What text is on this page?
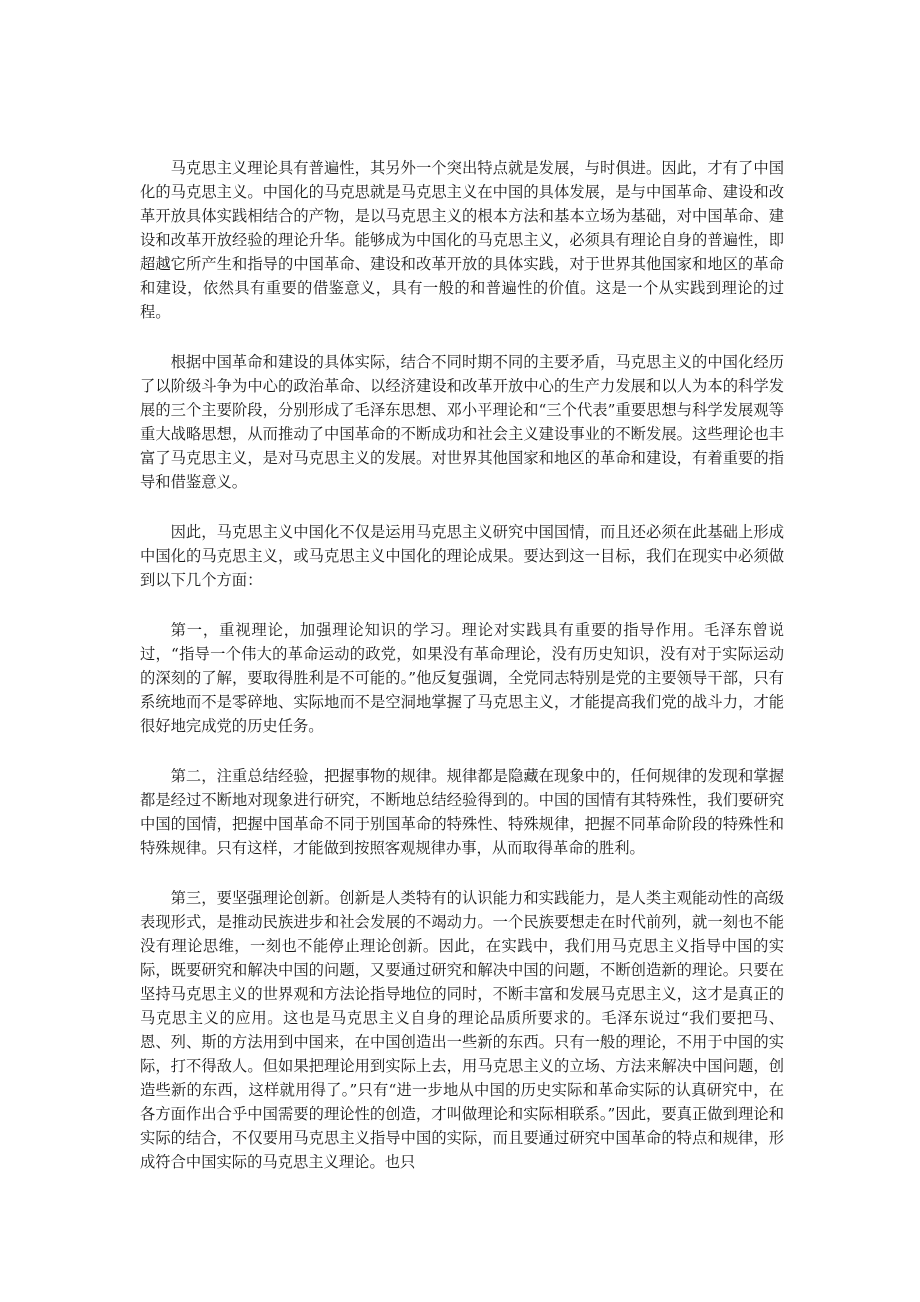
马克思主义理论具有普遍性，其另外一个突出特点就是发展，与时俱进。因此，才有了中国化的马克思主义。中国化的马克思就是马克思主义在中国的具体发展，是与中国革命、建设和改革开放具体实践相结合的产物，是以马克思主义的根本方法和基本立场为基础，对中国革命、建设和改革开放经验的理论升华。能够成为中国化的马克思主义，必须具有理论自身的普遍性，即超越它所产生和指导的中国革命、建设和改革开放的具体实践，对于世界其他国家和地区的革命和建设，依然具有重要的借鉴意义，具有一般的和普遍性的价值。这是一个从实践到理论的过程。

根据中国革命和建设的具体实际，结合不同时期不同的主要矛盾，马克思主义的中国化经历了以阶级斗争为中心的政治革命、以经济建设和改革开放中心的生产力发展和以人为本的科学发展的三个主要阶段，分别形成了毛泽东思想、邓小平理论和“三个代表”重要思想与科学发展观等重大战略思想，从而推动了中国革命的不断成功和社会主义建设事业的不断发展。这些理论也丰富了马克思主义，是对马克思主义的发展。对世界其他国家和地区的革命和建设，有着重要的指导和借鉴意义。

因此，马克思主义中国化不仅是运用马克思主义研究中国国情，而且还必须在此基础上形成中国化的马克思主义，或马克思主义中国化的理论成果。要达到这一目标，我们在现实中必须做到以下几个方面：

第一，重视理论，加强理论知识的学习。理论对实践具有重要的指导作用。毛泽东曾说过，“指导一个伟大的革命运动的政党，如果没有革命理论，没有历史知识，没有对于实际运动的深刻的了解，要取得胜利是不可能的。”他反复强调，全党同志特别是党的主要领导干部，只有系统地而不是零碎地、实际地而不是空洞地掌握了马克思主义，才能提高我们党的战斗力，才能很好地完成党的历史任务。

第二，注重总结经验，把握事物的规律。规律都是隐藏在现象中的，任何规律的发现和掌握都是经过不断地对现象进行研究，不断地总结经验得到的。中国的国情有其特殊性，我们要研究中国的国情，把握中国革命不同于别国革命的特殊性、特殊规律，把握不同革命阶段的特殊性和特殊规律。只有这样，才能做到按照客观规律办事，从而取得革命的胜利。

第三，要坚强理论创新。创新是人类特有的认识能力和实践能力，是人类主观能动性的高级表现形式，是推动民族进步和社会发展的不竭动力。一个民族要想走在时代前列，就一刻也不能没有理论思维，一刻也不能停止理论创新。因此，在实践中，我们用马克思主义指导中国的实际，既要研究和解决中国的问题，又要通过研究和解决中国的问题，不断创造新的理论。只要在坚持马克思主义的世界观和方法论指导地位的同时，不断丰富和发展马克思主义，这才是真正的马克思主义的应用。这也是马克思主义自身的理论品质所要求的。毛泽东说过“我们要把马、恩、列、斯的方法用到中国来，在中国创造出一些新的东西。只有一般的理论，不用于中国的实际，打不得敌人。但如果把理论用到实际上去，用马克思主义的立场、方法来解决中国问题，创造些新的东西，这样就用得了。”只有“进一步地从中国的历史实际和革命实际的认真研究中，在各方面作出合乎中国需要的理论性的创造，才叫做理论和实际相联系。”因此，要真正做到理论和实际的结合，不仅要用马克思主义指导中国的实际，而且要通过研究中国革命的特点和规律，形成符合中国实际的马克思主义理论。也只
